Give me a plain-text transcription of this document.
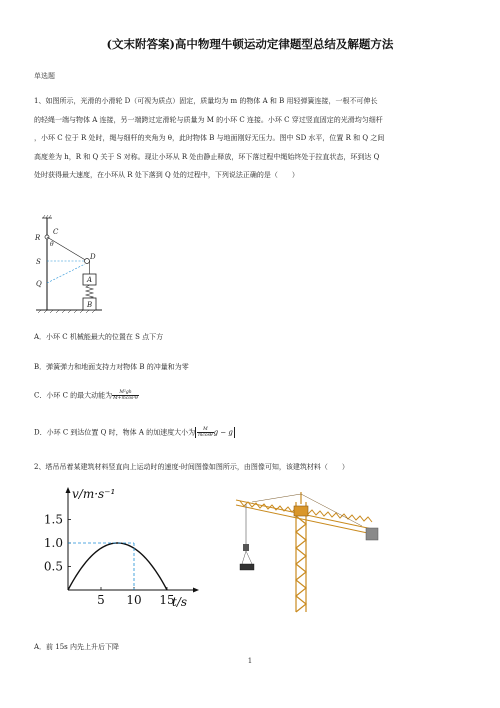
(文末附答案)高中物理牛顿运动定律题型总结及解题方法
单选题
1、如图所示，光滑的小滑轮 D（可视为质点）固定，质量均为 m 的物体 A 和 B 用轻弹簧连接，一根不可伸长
的轻绳一端与物体 A 连接，另一端跨过定滑轮与质量为 M 的小环 C 连接。小环 C 穿过竖直固定的光滑均匀细杆
，小环 C 位于 R 处时，绳与细杆的夹角为 θ，此时物体 B 与地面刚好无压力。图中 SD 水平，位置 R 和 Q 之间
高度差为 h，R 和 Q 关于 S 对称。现让小环从 R 处由静止释放，环下落过程中绳始终处于拉直状态，环到达 Q
处时获得最大速度，在小环从 R 处下落到 Q 处的过程中，下列说法正确的是（　　）
R
C
θ
S
D
Q	A
B
A．小环 C 机械能最大的位置在 S 点下方
B．弹簧弹力和地面支持力对物体 B 的冲量和为零
C．小环 C 的最大动能为 $\frac{\text{M²gh}}{\text{M+mcos²θ}}$
D．小环 C 到达位置 Q 时，物体 A 的加速度大小为 $\frac{M}{mcos\theta}$ g − g
2、塔吊吊着某建筑材料竖直向上运动时的速度-时间图像如图所示，由图像可知，该建筑材料（　　）
5 10 15
0.5
1.0
1.5
v/m·s⁻¹
t/s
A．前 15s 内先上升后下降
1
